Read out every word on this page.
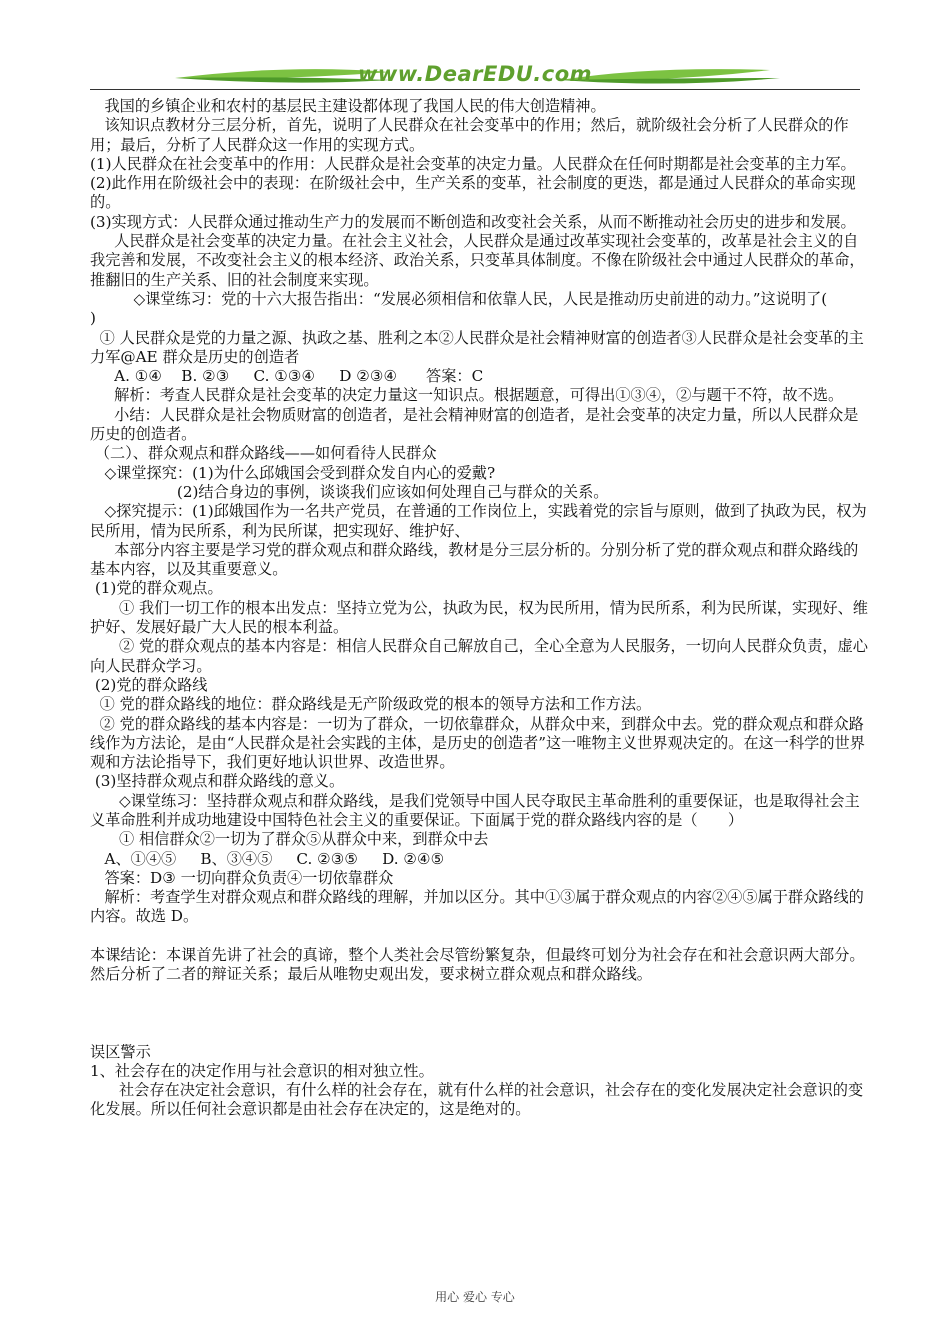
www.DearEDU.com

我国的乡镇企业和农村的基层民主建设都体现了我国人民的伟大创造精神。

该知识点教材分三层分析，首先，说明了人民群众在社会变革中的作用；然后，就阶级社会分析了人民群众的作用；最后，分析了人民群众这一作用的实现方式。

(1)人民群众在社会变革中的作用：人民群众是社会变革的决定力量。人民群众在任何时期都是社会变革的主力军。

(2)此作用在阶级社会中的表现：在阶级社会中，生产关系的变革，社会制度的更迭，都是通过人民群众的革命实现的。

(3)实现方式：人民群众通过推动生产力的发展而不断创造和改变社会关系，从而不断推动社会历史的进步和发展。

人民群众是社会变革的决定力量。在社会主义社会，人民群众是通过改革实现社会变革的，改革是社会主义的自我完善和发展，不改变社会主义的根本经济、政治关系，只变革具体制度。不像在阶级社会中通过人民群众的革命，推翻旧的生产关系、旧的社会制度来实现。

◇课堂练习：党的十六大报告指出：“发展必须相信和依靠人民，人民是推动历史前进的动力。”这说明了(　　 )

① 人民群众是党的力量之源、执政之基、胜利之本②人民群众是社会精神财富的创造者③人民群众是社会变革的主力军@AE 群众是历史的创造者

A. ①④    B. ②③     C. ①③④     D ②③④      答案：C

解析：考查人民群众是社会变革的决定力量这一知识点。根据题意，可得出①③④，②与题干不符，故不选。

小结：人民群众是社会物质财富的创造者，是社会精神财富的创造者，是社会变革的决定力量，所以人民群众是历史的创造者。

（二）、群众观点和群众路线——如何看待人民群众

◇课堂探究：(1)为什么邱娥国会受到群众发自内心的爱戴?

(2)结合身边的事例，谈谈我们应该如何处理自己与群众的关系。

◇探究提示：(1)邱娥国作为一名共产党员，在普通的工作岗位上，实践着党的宗旨与原则，做到了执政为民，权为民所用，情为民所系，利为民所谋，把实现好、维护好、

本部分内容主要是学习党的群众观点和群众路线，教材是分三层分析的。分别分析了党的群众观点和群众路线的基本内容，以及其重要意义。

(1)党的群众观点。

① 我们一切工作的根本出发点：坚持立党为公，执政为民，权为民所用，情为民所系，利为民所谋，实现好、维护好、发展好最广大人民的根本利益。

② 党的群众观点的基本内容是：相信人民群众自己解放自己，全心全意为人民服务，一切向人民群众负责，虚心向人民群众学习。

(2)党的群众路线

① 党的群众路线的地位：群众路线是无产阶级政党的根本的领导方法和工作方法。

② 党的群众路线的基本内容是：一切为了群众，一切依靠群众，从群众中来，到群众中去。党的群众观点和群众路线作为方法论，是由“人民群众是社会实践的主体，是历史的创造者”这一唯物主义世界观决定的。在这一科学的世界观和方法论指导下，我们更好地认识世界、改造世界。

(3)坚持群众观点和群众路线的意义。

◇课堂练习：坚持群众观点和群众路线，是我们党领导中国人民夺取民主革命胜利的重要保证，也是取得社会主义革命胜利并成功地建设中国特色社会主义的重要保证。下面属于党的群众路线内容的是（　　）

① 相信群众②一切为了群众⑤从群众中来，到群众中去

A、①④⑤     B、③④⑤     C. ②③⑤     D. ②④⑤

答案：D③ 一切向群众负责④一切依靠群众

解析：考查学生对群众观点和群众路线的理解，并加以区分。其中①③属于群众观点的内容②④⑤属于群众路线的内容。故选 D。

本课结论：本课首先讲了社会的真谛，整个人类社会尽管纷繁复杂，但最终可划分为社会存在和社会意识两大部分。然后分析了二者的辩证关系；最后从唯物史观出发，要求树立群众观点和群众路线。

误区警示

1、社会存在的决定作用与社会意识的相对独立性。

社会存在决定社会意识，有什么样的社会存在，就有什么样的社会意识，社会存在的变化发展决定社会意识的变化发展。所以任何社会意识都是由社会存在决定的，这是绝对的。

用心 爱心 专心
